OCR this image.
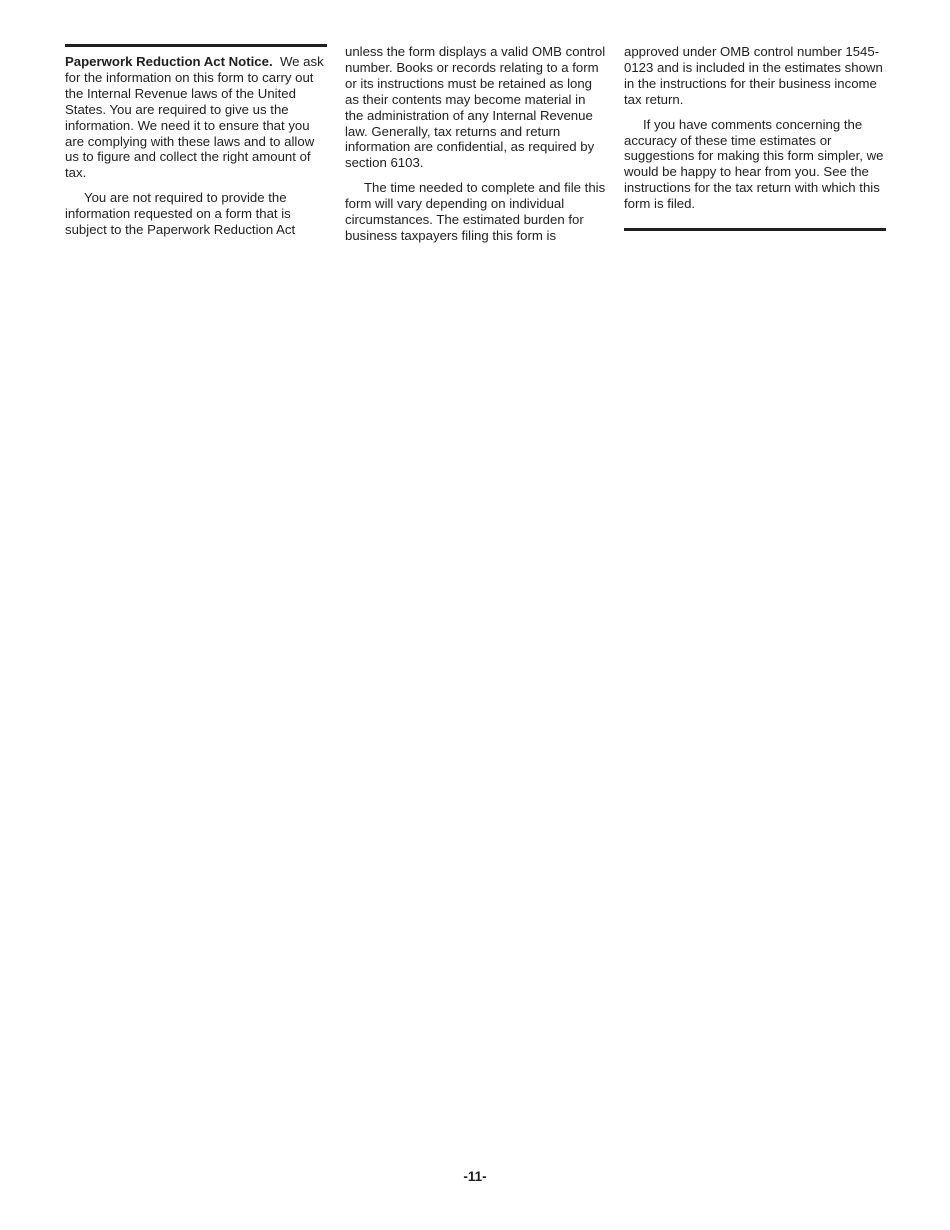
Paperwork Reduction Act Notice. We ask for the information on this form to carry out the Internal Revenue laws of the United States. You are required to give us the information. We need it to ensure that you are complying with these laws and to allow us to figure and collect the right amount of tax.

You are not required to provide the information requested on a form that is subject to the Paperwork Reduction Act

unless the form displays a valid OMB control number. Books or records relating to a form or its instructions must be retained as long as their contents may become material in the administration of any Internal Revenue law. Generally, tax returns and return information are confidential, as required by section 6103.

The time needed to complete and file this form will vary depending on individual circumstances. The estimated burden for business taxpayers filing this form is

approved under OMB control number 1545-0123 and is included in the estimates shown in the instructions for their business income tax return.

If you have comments concerning the accuracy of these time estimates or suggestions for making this form simpler, we would be happy to hear from you. See the instructions for the tax return with which this form is filed.

-11-
